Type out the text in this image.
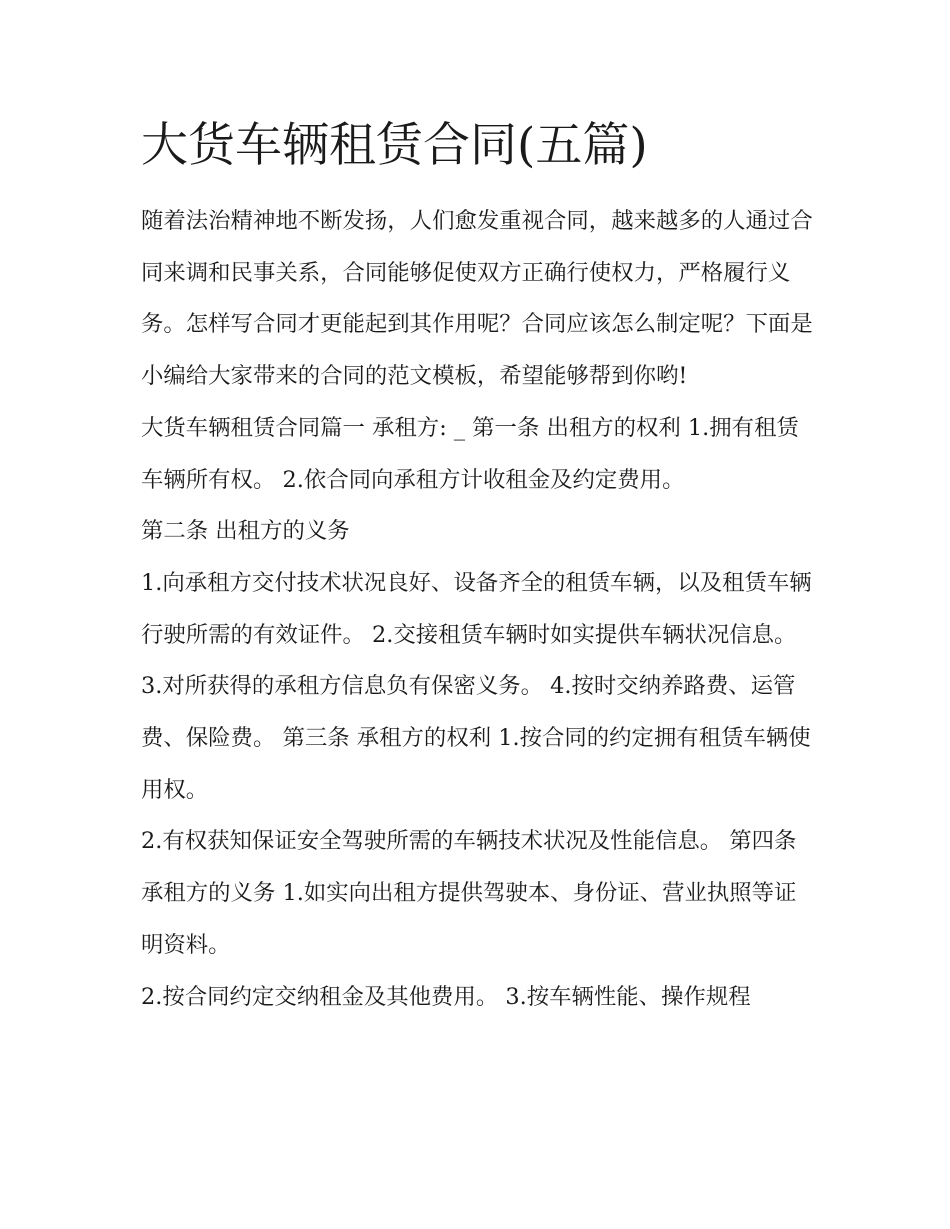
大货车辆租赁合同(五篇)

随着法治精神地不断发扬，人们愈发重视合同，越来越多的人通过合同来调和民事关系，合同能够促使双方正确行使权力，严格履行义务。怎样写合同才更能起到其作用呢？合同应该怎么制定呢？下面是小编给大家带来的合同的范文模板，希望能够帮到你哟!

大货车辆租赁合同篇一 承租方: _ 第一条 出租方的权利 1.拥有租赁车辆所有权。 2.依合同向承租方计收租金及约定费用。

第二条 出租方的义务

1.向承租方交付技术状况良好、设备齐全的租赁车辆，以及租赁车辆行驶所需的有效证件。 2.交接租赁车辆时如实提供车辆状况信息。

3.对所获得的承租方信息负有保密义务。 4.按时交纳养路费、运管费、保险费。 第三条 承租方的权利 1.按合同的约定拥有租赁车辆使用权。

2.有权获知保证安全驾驶所需的车辆技术状况及性能信息。 第四条 承租方的义务 1.如实向出租方提供驾驶本、身份证、营业执照等证明资料。

2.按合同约定交纳租金及其他费用。 3.按车辆性能、操作规程
